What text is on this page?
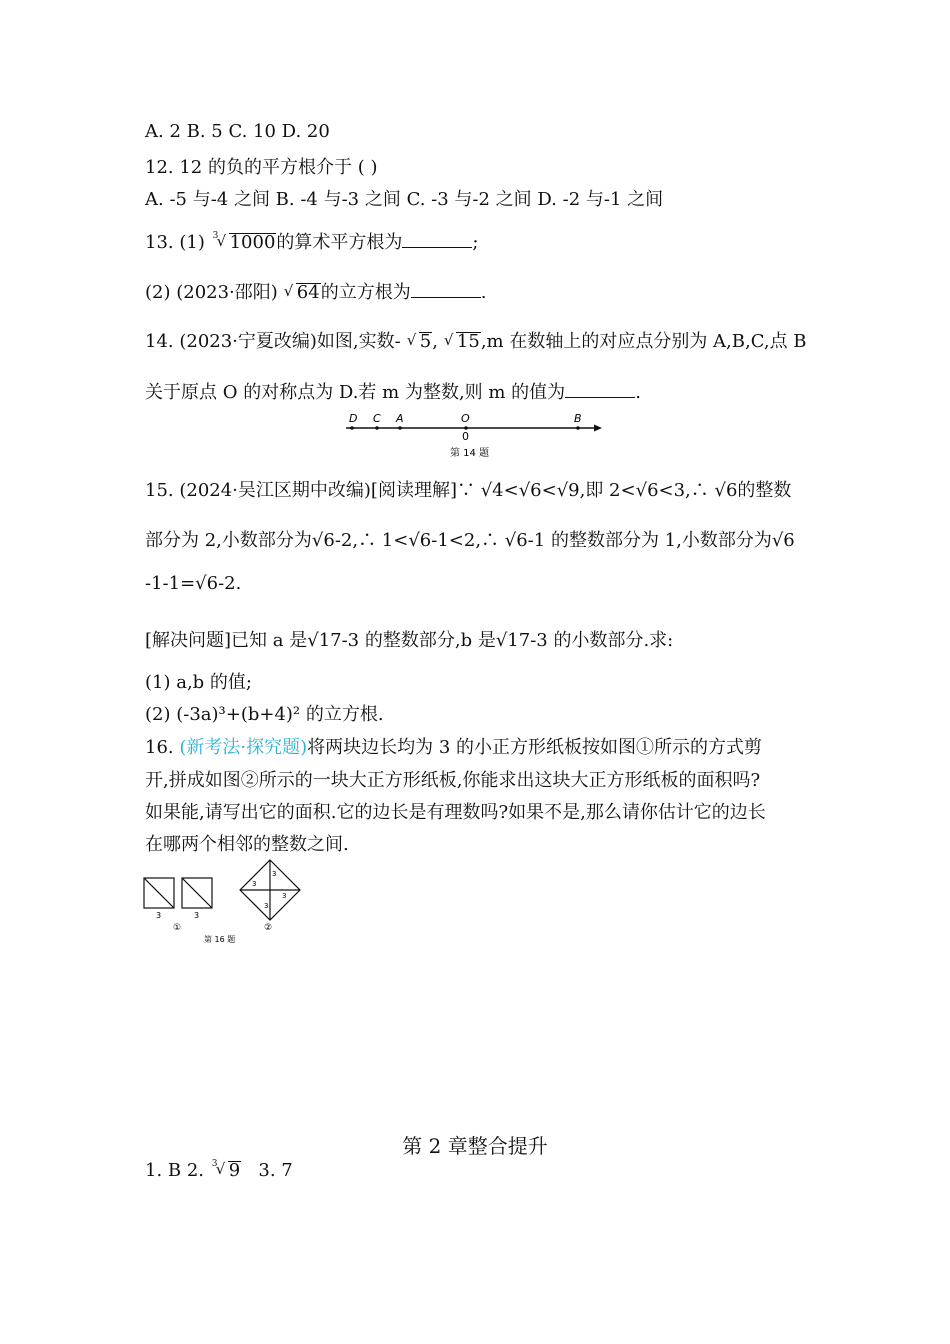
A. 2 B. 5 C. 10 D. 20
12. 12 的负的平方根介于 ( )
A. -5 与-4 之间 B. -4 与-3 之间 C. -3 与-2 之间 D. -2 与-1 之间
13. (1) 3
√ 1000的算术平方根为	;
(2) (2023·邵阳) √ 64的立方根为	.
14. (2023·宁夏改编)如图,实数- √ 5, √ 15,m 在数轴上的对应点分别为 A,B,C,点 B
关于原点 O 的对称点为 D.若 m 为整数,则 m 的值为	.
D C A	O	B
0
第 14 题
15. (2024·吴江区期中改编)[阅读理解]∵ √4<√6<√9,即 2<√6<3,∴ √6的整数
部分为 2,小数部分为√6-2,∴ 1<√6-1<2,∴ √6-1 的整数部分为 1,小数部分为√6
-1-1=√6-2.
[解决问题]已知 a 是√17-3 的整数部分,b 是√17-3 的小数部分.求:
(1) a,b 的值;
(2) (-3a)³+(b+4)² 的立方根.
16. (新考法·探究题)将两块边长均为 3 的小正方形纸板按如图①所示的方式剪
开,拼成如图②所示的一块大正方形纸板,你能求出这块大正方形纸板的面积吗?
如果能,请写出它的面积.它的边长是有理数吗?如果不是,那么请你估计它的边长
在哪两个相邻的整数之间.
3	3
①
3
3
3
3
②
第 16 题
第 2 章整合提升
1. B 2. 3
√ 9 3. 7
